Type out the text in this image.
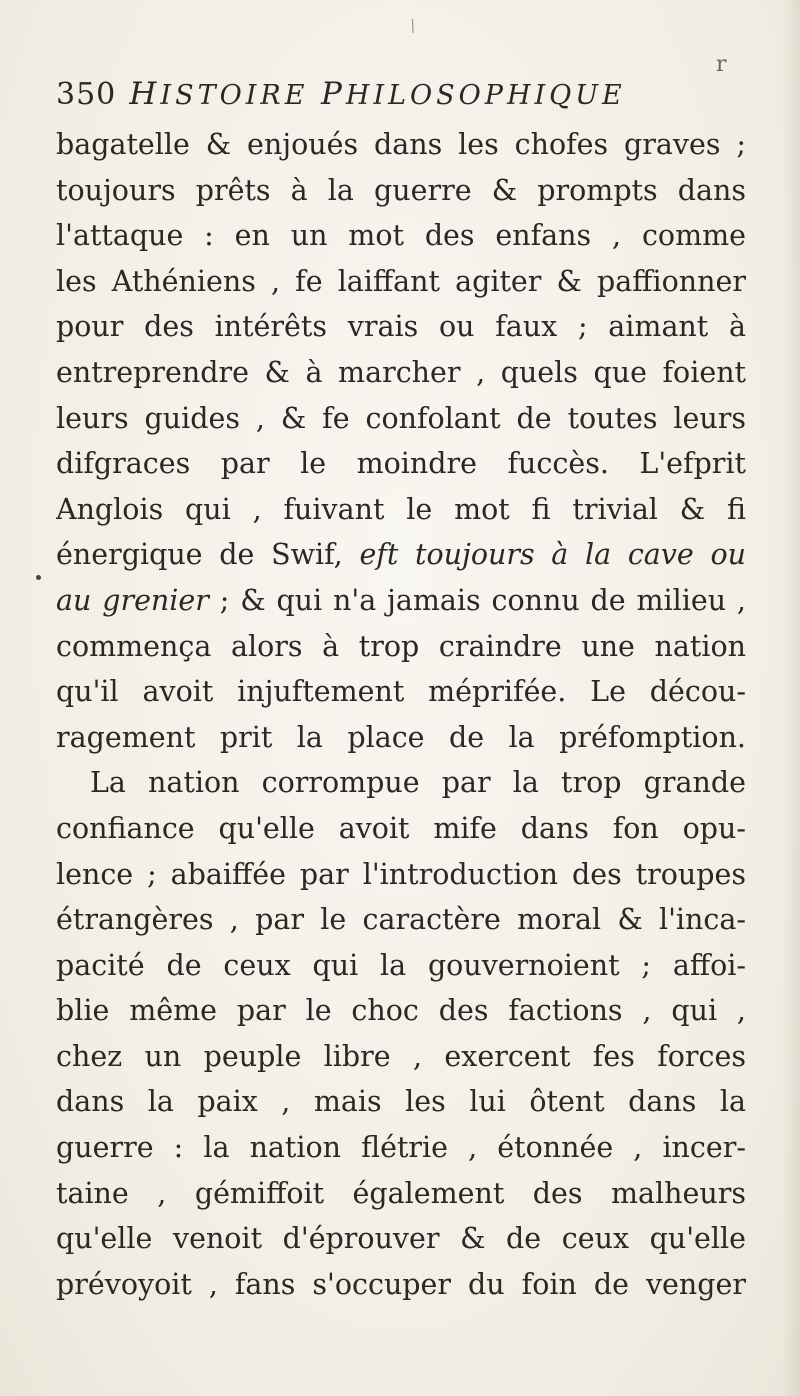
/
r
350 HISTOIRE PHILOSOPHIQUE
bagatelle & enjoués dans les chofes graves ;
toujours prêts à la guerre & prompts dans
l'attaque : en un mot des enfans , comme
les Athéniens , fe laiffant agiter & paffionner
pour des intérêts vrais ou faux ; aimant à
entreprendre & à marcher , quels que foient
leurs guides , & fe confolant de toutes leurs
difgraces par le moindre fuccès. L'efprit
Anglois qui , fuivant le mot fi trivial & fi
énergique de Swif, eft toujours à la cave ou
au grenier ; & qui n'a jamais connu de milieu ,
commença alors à trop craindre une nation
qu'il avoit injuftement méprifée. Le décou-
ragement prit la place de la préfomption.
La nation corrompue par la trop grande
confiance qu'elle avoit mife dans fon opu-
lence ; abaiffée par l'introduction des troupes
étrangères , par le caractère moral & l'inca-
pacité de ceux qui la gouvernoient ; affoi-
blie même par le choc des factions , qui ,
chez un peuple libre , exercent fes forces
dans la paix , mais les lui ôtent dans la
guerre : la nation flétrie , étonnée , incer-
taine , gémiffoit également des malheurs
qu'elle venoit d'éprouver & de ceux qu'elle
prévoyoit , fans s'occuper du foin de venger
